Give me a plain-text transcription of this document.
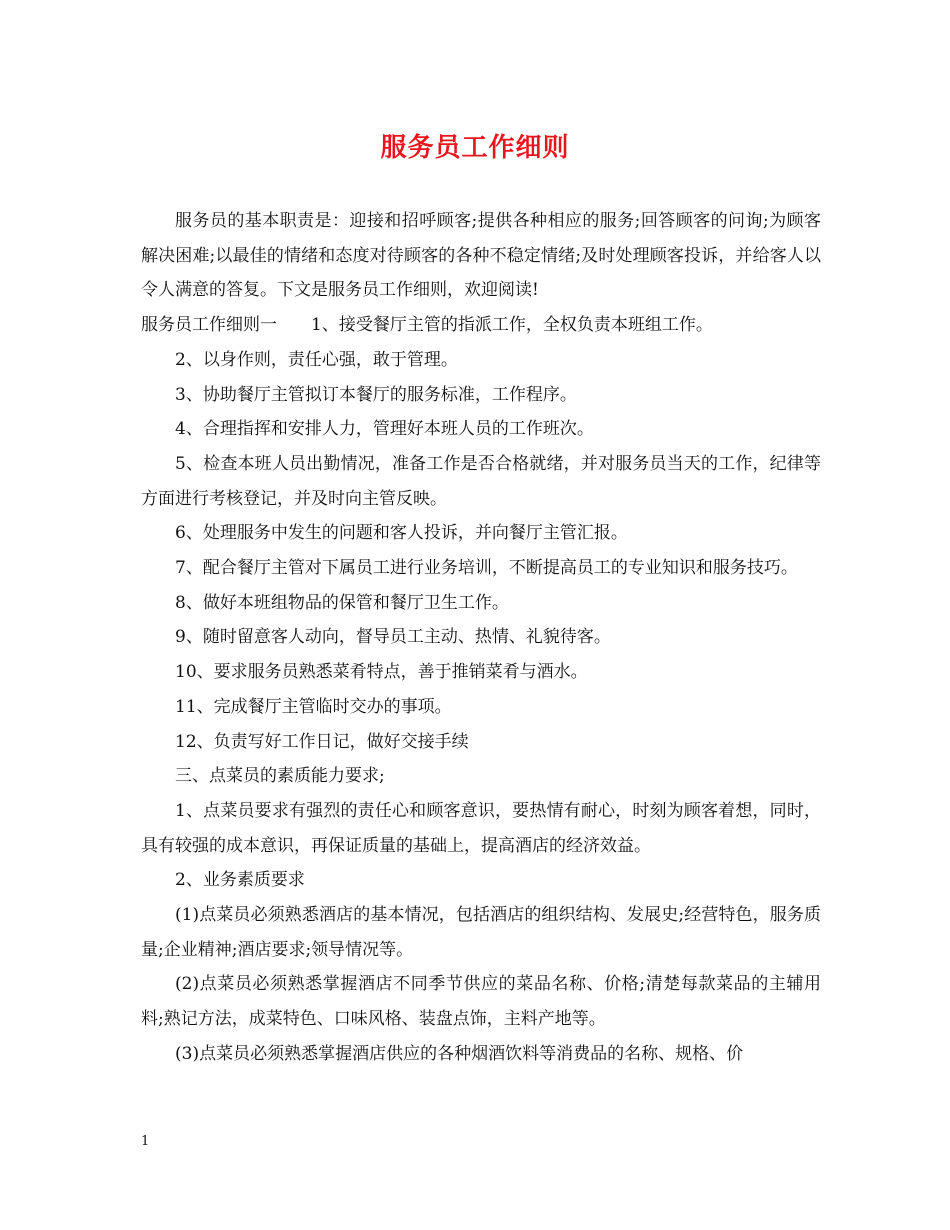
服务员工作细则

服务员的基本职责是：迎接和招呼顾客;提供各种相应的服务;回答顾客的问询;为顾客解决困难;以最佳的情绪和态度对待顾客的各种不稳定情绪;及时处理顾客投诉，并给客人以令人满意的答复。下文是服务员工作细则，欢迎阅读!

服务员工作细则一 1、接受餐厅主管的指派工作，全权负责本班组工作。

2、以身作则，责任心强，敢于管理。

3、协助餐厅主管拟订本餐厅的服务标准，工作程序。

4、合理指挥和安排人力，管理好本班人员的工作班次。

5、检查本班人员出勤情况，准备工作是否合格就绪，并对服务员当天的工作，纪律等方面进行考核登记，并及时向主管反映。

6、处理服务中发生的问题和客人投诉，并向餐厅主管汇报。

7、配合餐厅主管对下属员工进行业务培训，不断提高员工的专业知识和服务技巧。

8、做好本班组物品的保管和餐厅卫生工作。

9、随时留意客人动向，督导员工主动、热情、礼貌待客。

10、要求服务员熟悉菜肴特点，善于推销菜肴与酒水。

11、完成餐厅主管临时交办的事项。

12、负责写好工作日记，做好交接手续

三、点菜员的素质能力要求;

1、点菜员要求有强烈的责任心和顾客意识，要热情有耐心，时刻为顾客着想，同时，具有较强的成本意识，再保证质量的基础上，提高酒店的经济效益。

2、业务素质要求

(1)点菜员必须熟悉酒店的基本情况，包括酒店的组织结构、发展史;经营特色，服务质量;企业精神;酒店要求;领导情况等。

(2)点菜员必须熟悉掌握酒店不同季节供应的菜品名称、价格;清楚每款菜品的主辅用料;熟记方法，成菜特色、口味风格、装盘点饰，主料产地等。

(3)点菜员必须熟悉掌握酒店供应的各种烟酒饮料等消费品的名称、规格、价

1
